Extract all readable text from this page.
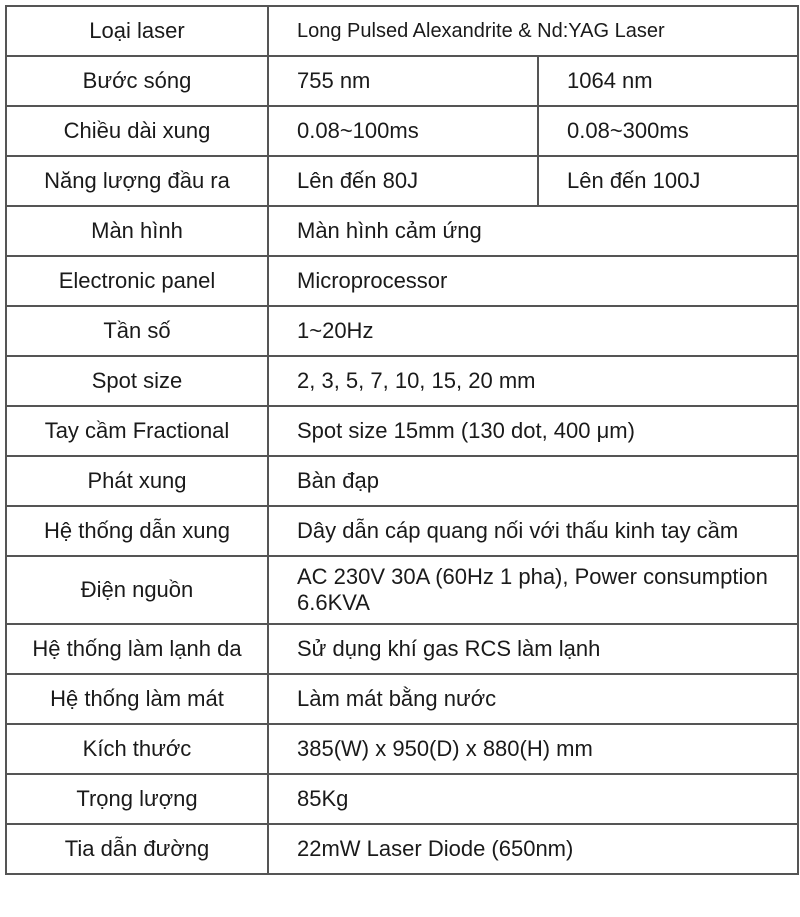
Loại laser	Long Pulsed Alexandrite & Nd:YAG Laser	
Bước sóng	755 nm	1064 nm
Chiều dài xung	0.08~100ms	0.08~300ms
Năng lượng đầu ra	Lên đến 80J	Lên đến 100J
Màn hình	Màn hình cảm ứng	
Electronic panel	Microprocessor	
Tần số	1~20Hz	
Spot size	2, 3, 5, 7, 10, 15, 20 mm	
Tay cầm Fractional	Spot size 15mm (130 dot, 400 μm)	
Phát xung	Bàn đạp	
Hệ thống dẫn xung	Dây dẫn cáp quang nối với thấu kinh tay cầm	
Điện nguồn	AC 230V 30A (60Hz 1 pha), Power consumption 6.6KVA	
Hệ thống làm lạnh da	Sử dụng khí gas RCS làm lạnh	
Hệ thống làm mát	Làm mát bằng nước	
Kích thước	385(W) x 950(D) x 880(H) mm	
Trọng lượng	85Kg	
Tia dẫn đường	22mW Laser Diode (650nm)	
